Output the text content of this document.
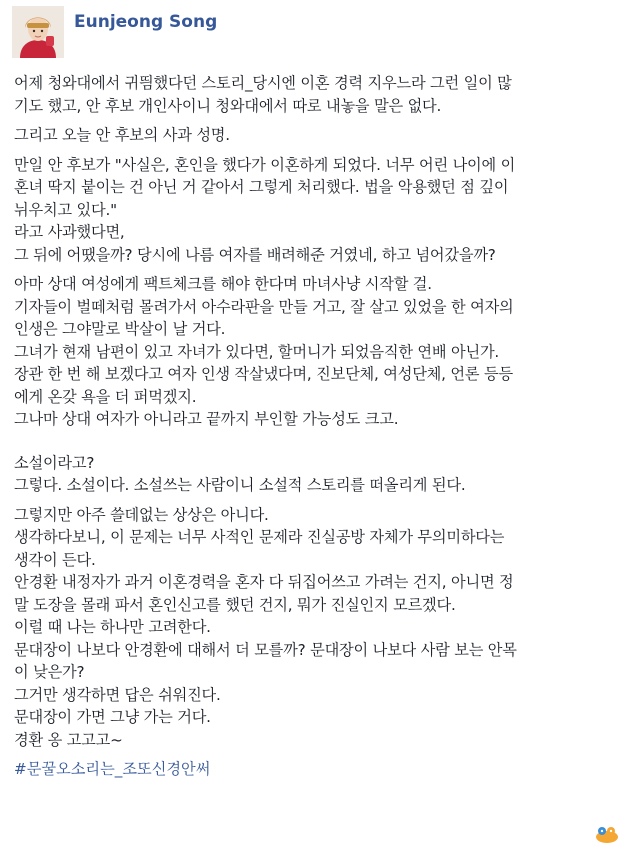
Eunjeong Song
어제 청와대에서 귀띔했다던 스토리_당시엔 이혼 경력 지우느라 그런 일이 많
기도 했고, 안 후보 개인사이니 청와대에서 따로 내놓을 말은 없다.
그리고 오늘 안 후보의 사과 성명.
만일 안 후보가 "사실은, 혼인을 했다가 이혼하게 되었다. 너무 어린 나이에 이
혼녀 딱지 붙이는 건 아닌 거 같아서 그렇게 처리했다. 법을 악용했던 점 깊이
뉘우치고 있다."
라고 사과했다면,
그 뒤에 어땠을까? 당시에 나름 여자를 배려해준 거였네, 하고 넘어갔을까?
아마 상대 여성에게 팩트체크를 해야 한다며 마녀사냥 시작할 걸.
기자들이 벌떼처럼 몰려가서 아수라판을 만들 거고, 잘 살고 있었을 한 여자의
인생은 그야말로 박살이 날 거다.
그녀가 현재 남편이 있고 자녀가 있다면, 할머니가 되었음직한 연배 아닌가.
장관 한 번 해 보겠다고 여자 인생 작살냈다며, 진보단체, 여성단체, 언론 등등
에게 온갖 욕을 더 퍼먹겠지.
그나마 상대 여자가 아니라고 끝까지 부인할 가능성도 크고.
소설이라고?
그렇다. 소설이다. 소설쓰는 사람이니 소설적 스토리를 떠올리게 된다.
그렇지만 아주 쓸데없는 상상은 아니다.
생각하다보니, 이 문제는 너무 사적인 문제라 진실공방 자체가 무의미하다는
생각이 든다.
안경환 내정자가 과거 이혼경력을 혼자 다 뒤집어쓰고 가려는 건지, 아니면 정
말 도장을 몰래 파서 혼인신고를 했던 건지, 뭐가 진실인지 모르겠다.
이럴 때 나는 하나만 고려한다.
문대장이 나보다 안경환에 대해서 더 모를까? 문대장이 나보다 사람 보는 안목
이 낮은가?
그거만 생각하면 답은 쉬워진다.
문대장이 가면 그냥 가는 거다.
경환 옹 고고고~
#문꿀오소리는_조또신경안써
